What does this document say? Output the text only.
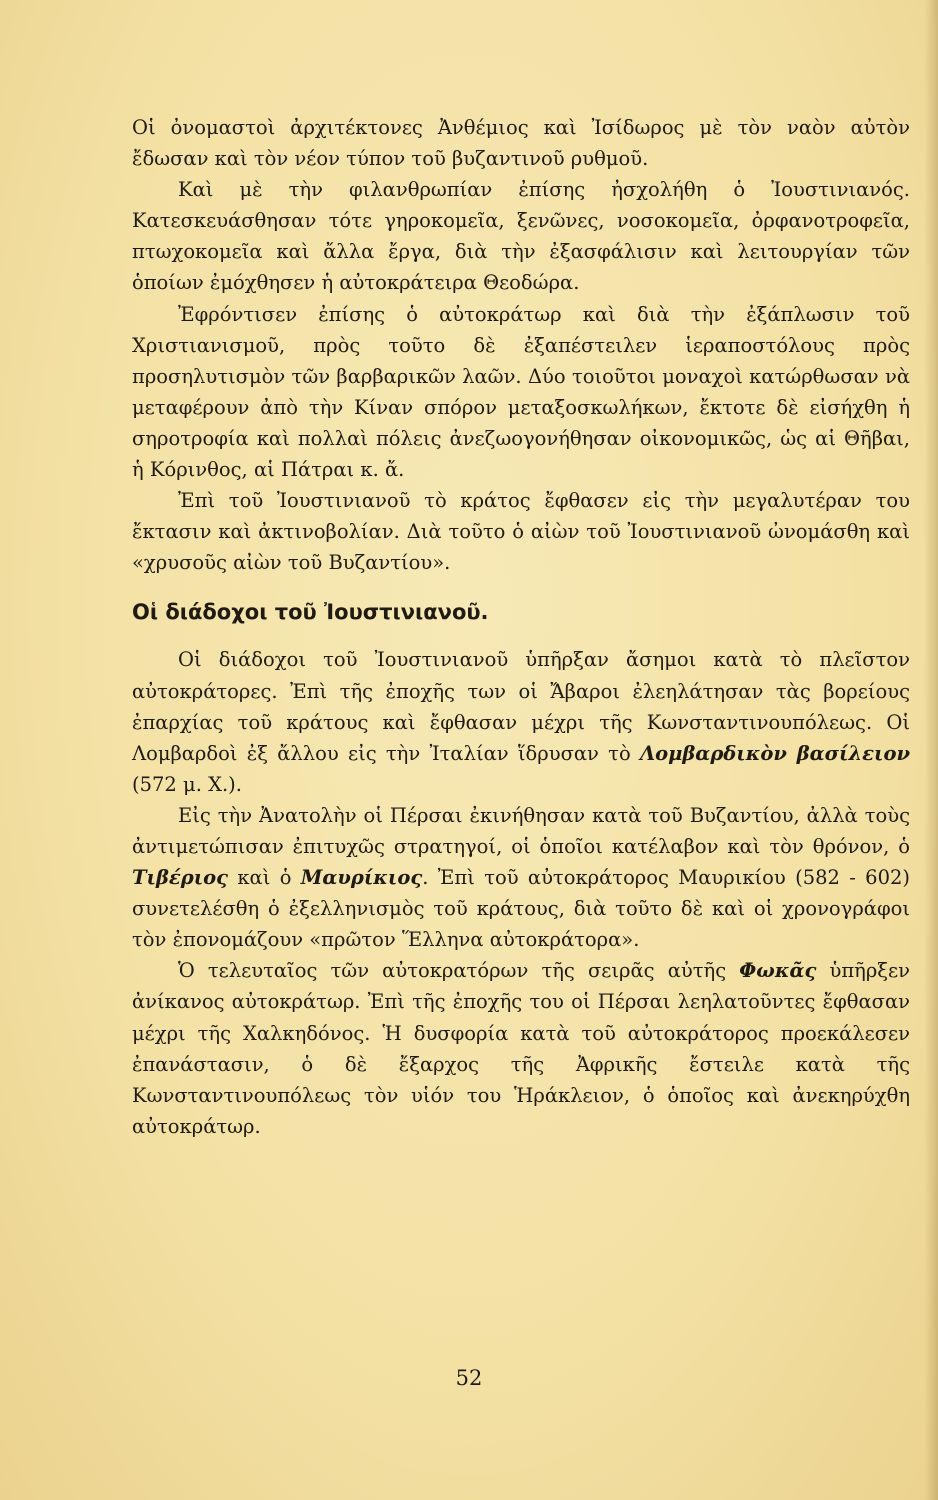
Οἱ ὀνομαστοὶ ἀρχιτέκτονες Ἀνθέμιος καὶ Ἰσίδωρος μὲ τὸν ναὸν αὐτὸν ἔδωσαν καὶ τὸν νέον τύπον τοῦ βυζαντινοῦ ρυθμοῦ.

Καὶ μὲ τὴν φιλανθρωπίαν ἐπίσης ἠσχολήθη ὁ Ἰουστινιανός. Κατεσκευάσθησαν τότε γηροκομεῖα, ξενῶνες, νοσοκομεῖα, ὀρφανοτροφεῖα, πτωχοκομεῖα καὶ ἄλλα ἔργα, διὰ τὴν ἐξασφάλισιν καὶ λειτουργίαν τῶν ὁποίων ἐμόχθησεν ἡ αὐτοκράτειρα Θεοδώρα.

Ἐφρόντισεν ἐπίσης ὁ αὐτοκράτωρ καὶ διὰ τὴν ἐξάπλωσιν τοῦ Χριστιανισμοῦ, πρὸς τοῦτο δὲ ἐξαπέστειλεν ἱεραποστόλους πρὸς προσηλυτισμὸν τῶν βαρβαρικῶν λαῶν. Δύο τοιοῦτοι μοναχοὶ κατώρθωσαν νὰ μεταφέρουν ἀπὸ τὴν Κίναν σπόρον μεταξοσκωλήκων, ἔκτοτε δὲ εἰσήχθη ἡ σηροτροφία καὶ πολλαὶ πόλεις ἀνεζωογονήθησαν οἰκονομικῶς, ὡς αἱ Θῆβαι, ἡ Κόρινθος, αἱ Πάτραι κ. ἄ.

Ἐπὶ τοῦ Ἰουστινιανοῦ τὸ κράτος ἔφθασεν εἰς τὴν μεγαλυτέραν του ἔκτασιν καὶ ἀκτινοβολίαν. Διὰ τοῦτο ὁ αἰὼν τοῦ Ἰουστινιανοῦ ὠνομάσθη καὶ «χρυσοῦς αἰὼν τοῦ Βυζαντίου».

Οἱ διάδοχοι τοῦ Ἰουστινιανοῦ.

Οἱ διάδοχοι τοῦ Ἰουστινιανοῦ ὑπῆρξαν ἄσημοι κατὰ τὸ πλεῖστον αὐτοκράτορες. Ἐπὶ τῆς ἐποχῆς των οἱ Ἄβαροι ἐλεηλάτησαν τὰς βορείους ἐπαρχίας τοῦ κράτους καὶ ἔφθασαν μέχρι τῆς Κωνσταντινουπόλεως. Οἱ Λομβαρδοὶ ἐξ ἄλλου εἰς τὴν Ἰταλίαν ἵδρυσαν τὸ Λομβαρδικὸν βασίλειον (572 μ. Χ.).

Εἰς τὴν Ἀνατολὴν οἱ Πέρσαι ἐκινήθησαν κατὰ τοῦ Βυζαντίου, ἀλλὰ τοὺς ἀντιμετώπισαν ἐπιτυχῶς στρατηγοί, οἱ ὁποῖοι κατέλαβον καὶ τὸν θρόνον, ὁ Τιβέριος καὶ ὁ Μαυρίκιος. Ἐπὶ τοῦ αὐτοκράτορος Μαυρικίου (582 - 602) συνετελέσθη ὁ ἐξελληνισμὸς τοῦ κράτους, διὰ τοῦτο δὲ καὶ οἱ χρονογράφοι τὸν ἐπονομάζουν «πρῶτον Ἕλληνα αὐτοκράτορα».

Ὁ τελευταῖος τῶν αὐτοκρατόρων τῆς σειρᾶς αὐτῆς Φωκᾶς ὑπῆρξεν ἀνίκανος αὐτοκράτωρ. Ἐπὶ τῆς ἐποχῆς του οἱ Πέρσαι λεηλατοῦντες ἔφθασαν μέχρι τῆς Χαλκηδόνος. Ἡ δυσφορία κατὰ τοῦ αὐτοκράτορος προεκάλεσεν ἐπανάστασιν, ὁ δὲ ἔξαρχος τῆς Ἀφρικῆς ἔστειλε κατὰ τῆς Κωνσταντινουπόλεως τὸν υἱόν του Ἡράκλειον, ὁ ὁποῖος καὶ ἀνεκηρύχθη αὐτοκράτωρ.

52
